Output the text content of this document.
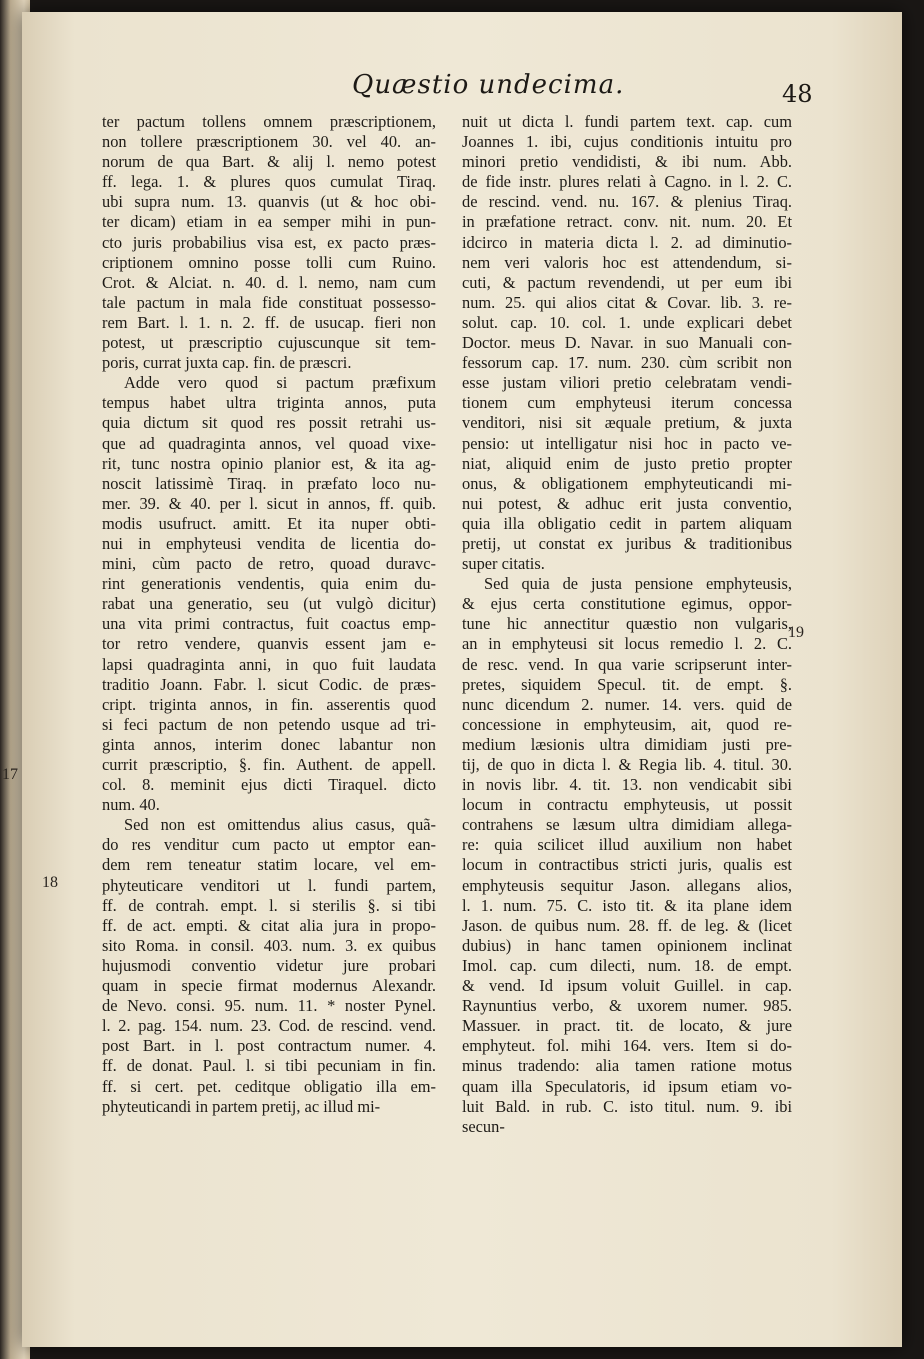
Quæstio undecima.	48
ter pactum tollens omnem præscriptionem,
non tollere præscriptionem 30. vel 40. an-
norum de qua Bart. & alij l. nemo potest
ff. lega. 1. & plures quos cumulat Tiraq.
ubi supra num. 13. quanvis (ut & hoc obi-
ter dicam) etiam in ea semper mihi in pun-
cto juris probabilius visa est, ex pacto præs-
criptionem omnino posse tolli cum Ruino.
Crot. & Alciat. n. 40. d. l. nemo, nam cum
tale pactum in mala fide constituat possesso-
rem Bart. l. 1. n. 2. ff. de usucap. fieri non
potest, ut præscriptio cujuscunque sit tem-
poris, currat juxta cap. fin. de præscri.
Adde vero quod si pactum præfixum
tempus habet ultra triginta annos, puta
quia dictum sit quod res possit retrahi us-
que ad quadraginta annos, vel quoad vixe-
rit, tunc nostra opinio planior est, & ita ag-
noscit latissimè Tiraq. in præfato loco nu-
mer. 39. & 40. per l. sicut in annos, ff. quib.
modis usufruct. amitt. Et ita nuper obti-
nui in emphyteusi vendita de licentia do-
mini, cùm pacto de retro, quoad duravc-
rint generationis vendentis, quia enim du-
rabat una generatio, seu (ut vulgò dicitur)
una vita primi contractus, fuit coactus emp-
tor retro vendere, quanvis essent jam e-
lapsi quadraginta anni, in quo fuit laudata
traditio Joann. Fabr. l. sicut Codic. de præs-
cript. triginta annos, in fin. asserentis quod
si feci pactum de non petendo usque ad tri-
ginta annos, interim donec labantur non
currit præscriptio, §. fin. Authent. de appell.
col. 8. meminit ejus dicti Tiraquel. dicto
num. 40.
Sed non est omittendus alius casus, quã-
do res venditur cum pacto ut emptor ean-
dem rem teneatur statim locare, vel em-
phyteuticare venditori ut l. fundi partem,
ff. de contrah. empt. l. si sterilis §. si tibi
ff. de act. empti. & citat alia jura in propo-
sito Roma. in consil. 403. num. 3. ex quibus
hujusmodi conventio videtur jure probari
quam in specie firmat modernus Alexandr.
de Nevo. consi. 95. num. 11. * noster Pynel.
l. 2. pag. 154. num. 23. Cod. de rescind. vend.
post Bart. in l. post contractum numer. 4.
ff. de donat. Paul. l. si tibi pecuniam in fin.
ff. si cert. pet. ceditque obligatio illa em-
phyteuticandi in partem pretij, ac illud mi-
nuit ut dicta l. fundi partem text. cap. cum
Joannes 1. ibi, cujus conditionis intuitu pro
minori pretio vendidisti, & ibi num. Abb.
de fide instr. plures relati à Cagno. in l. 2. C.
de rescind. vend. nu. 167. & plenius Tiraq.
in præfatione retract. conv. nit. num. 20. Et
idcirco in materia dicta l. 2. ad diminutio-
nem veri valoris hoc est attendendum, si-
cuti, & pactum revendendi, ut per eum ibi
num. 25. qui alios citat & Covar. lib. 3. re-
solut. cap. 10. col. 1. unde explicari debet
Doctor. meus D. Navar. in suo Manuali con-
fessorum cap. 17. num. 230. cùm scribit non
esse justam viliori pretio celebratam vendi-
tionem cum emphyteusi iterum concessa
venditori, nisi sit æquale pretium, & juxta
pensio: ut intelligatur nisi hoc in pacto ve-
niat, aliquid enim de justo pretio propter
onus, & obligationem emphyteuticandi mi-
nui potest, & adhuc erit justa conventio,
quia illa obligatio cedit in partem aliquam
pretij, ut constat ex juribus & traditionibus
super citatis.
Sed quia de justa pensione emphyteusis,
& ejus certa constitutione egimus, oppor-
tune hic annectitur quæstio non vulgaris,
an in emphyteusi sit locus remedio l. 2. C.
de resc. vend. In qua varie scripserunt inter-
pretes, siquidem Specul. tit. de empt. §.
nunc dicendum 2. numer. 14. vers. quid de
concessione in emphyteusim, ait, quod re-
medium læsionis ultra dimidiam justi pre-
tij, de quo in dicta l. & Regia lib. 4. titul. 30.
in novis libr. 4. tit. 13. non vendicabit sibi
locum in contractu emphyteusis, ut possit
contrahens se læsum ultra dimidiam allega-
re: quia scilicet illud auxilium non habet
locum in contractibus stricti juris, qualis est
emphyteusis sequitur Jason. allegans alios,
l. 1. num. 75. C. isto tit. & ita plane idem
Jason. de quibus num. 28. ff. de leg. & (licet
dubius) in hanc tamen opinionem inclinat
Imol. cap. cum dilecti, num. 18. de empt.
& vend. Id ipsum voluit Guillel. in cap.
Raynuntius verbo, & uxorem numer. 985.
Massuer. in pract. tit. de locato, & jure
emphyteut. fol. mihi 164. vers. Item si do-
minus tradendo: alia tamen ratione motus
quam illa Speculatoris, id ipsum etiam vo-
luit Bald. in rub. C. isto titul. num. 9. ibi
secun-
17
18
19
